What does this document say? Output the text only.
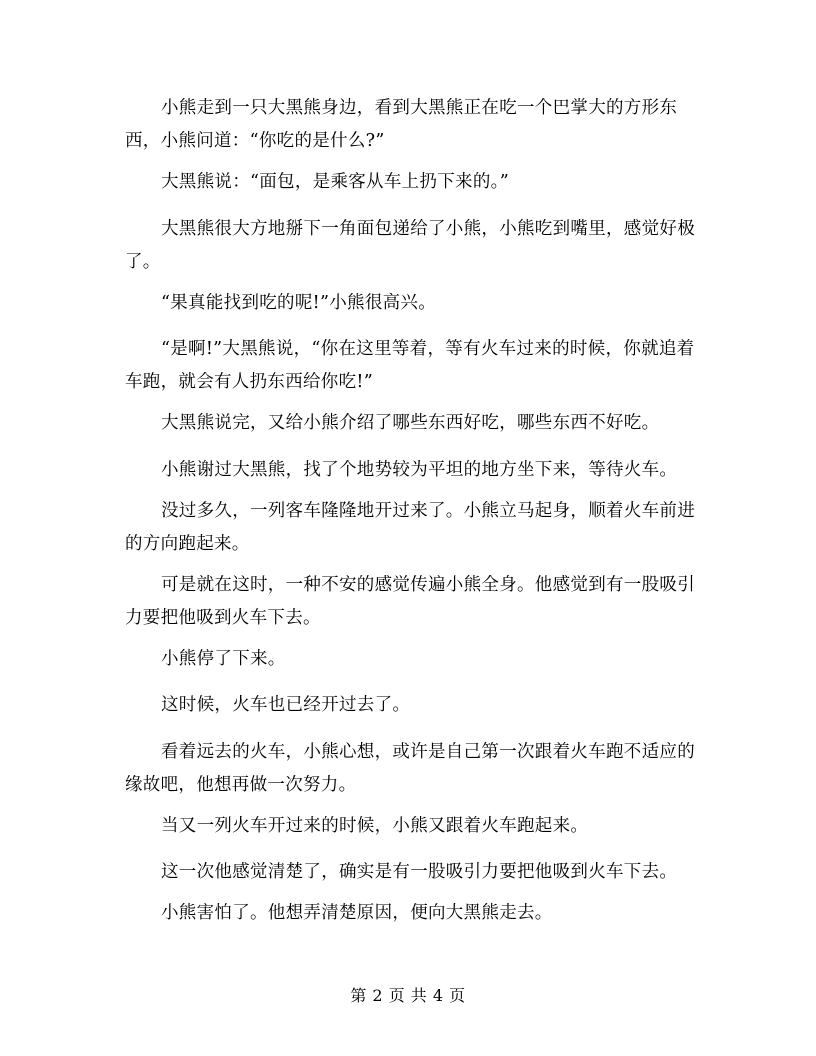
小熊走到一只大黑熊身边，看到大黑熊正在吃一个巴掌大的方形东西，小熊问道：“你吃的是什么?”

大黑熊说：“面包，是乘客从车上扔下来的。”

大黑熊很大方地掰下一角面包递给了小熊，小熊吃到嘴里，感觉好极了。

“果真能找到吃的呢!”小熊很高兴。

“是啊!”大黑熊说，“你在这里等着，等有火车过来的时候，你就追着车跑，就会有人扔东西给你吃!”

大黑熊说完，又给小熊介绍了哪些东西好吃，哪些东西不好吃。

小熊谢过大黑熊，找了个地势较为平坦的地方坐下来，等待火车。

没过多久，一列客车隆隆地开过来了。小熊立马起身，顺着火车前进的方向跑起来。

可是就在这时，一种不安的感觉传遍小熊全身。他感觉到有一股吸引力要把他吸到火车下去。

小熊停了下来。

这时候，火车也已经开过去了。

看着远去的火车，小熊心想，或许是自己第一次跟着火车跑不适应的缘故吧，他想再做一次努力。

当又一列火车开过来的时候，小熊又跟着火车跑起来。

这一次他感觉清楚了，确实是有一股吸引力要把他吸到火车下去。

小熊害怕了。他想弄清楚原因，便向大黑熊走去。

第 2 页 共 4 页
